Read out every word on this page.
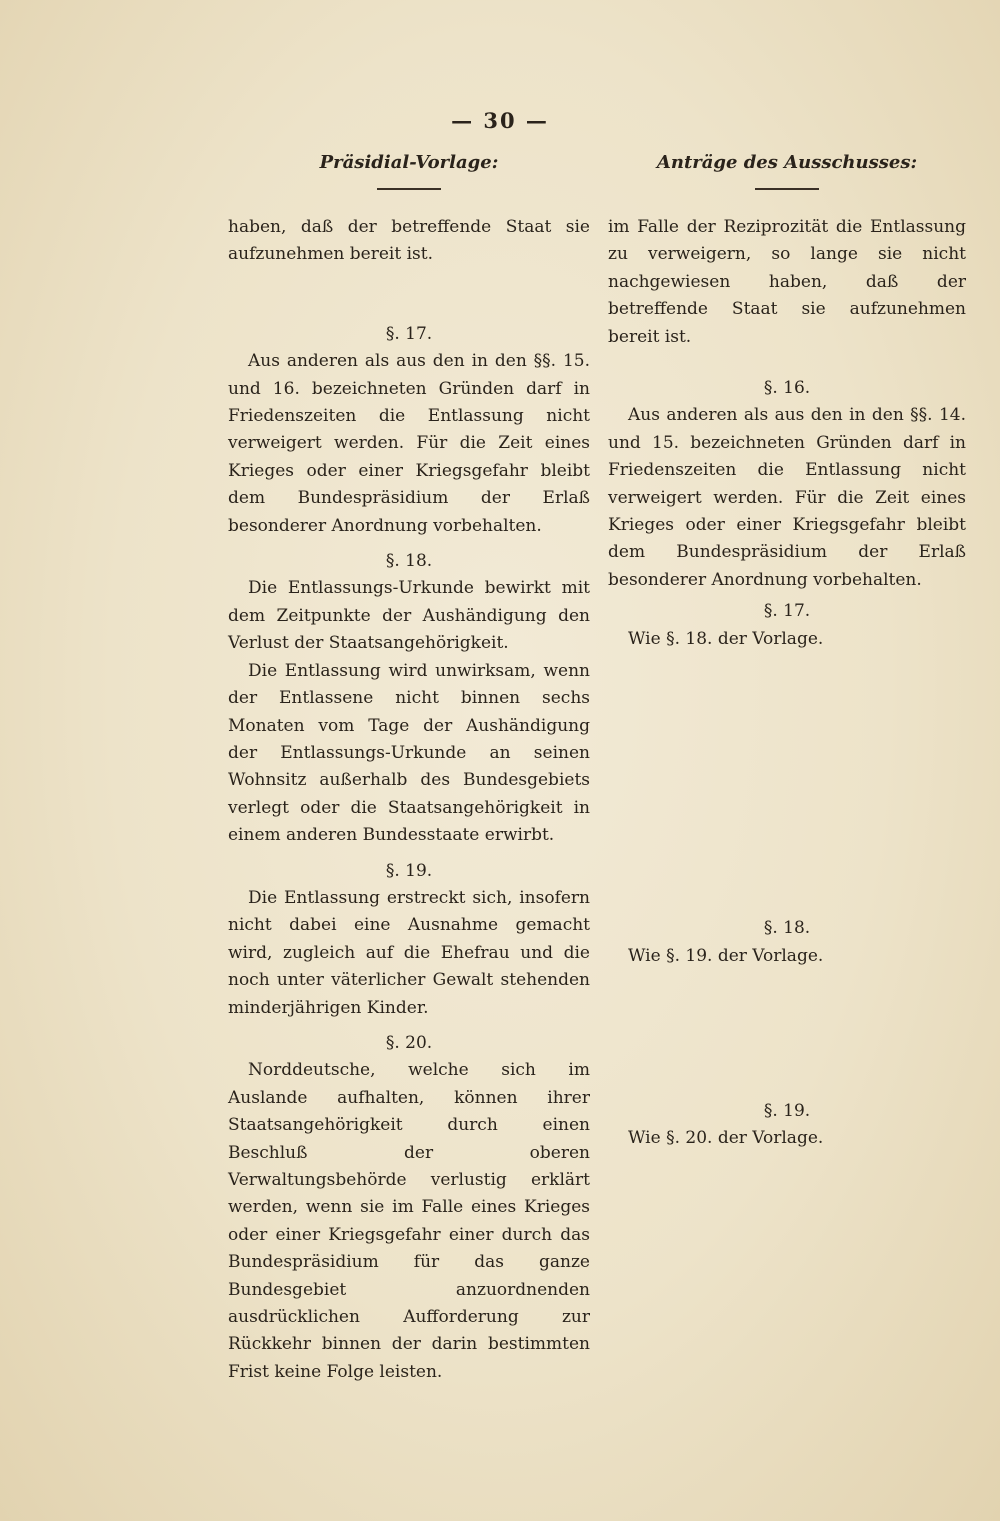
— 30 —
Präsidial-Vorlage:

haben, daß der betreffende Staat sie aufzunehmen bereit ist.

§. 17.

Aus anderen als aus den in den §§. 15. und 16. bezeichneten Gründen darf in Friedenszeiten die Entlassung nicht verweigert werden. Für die Zeit eines Krieges oder einer Kriegsgefahr bleibt dem Bundespräsidium der Erlaß besonderer Anordnung vorbehalten.

§. 18.

Die Entlassungs-Urkunde bewirkt mit dem Zeitpunkte der Aushändigung den Verlust der Staatsangehörigkeit.

Die Entlassung wird unwirksam, wenn der Entlassene nicht binnen sechs Monaten vom Tage der Aushändigung der Entlassungs-Urkunde an seinen Wohnsitz außerhalb des Bundesgebiets verlegt oder die Staatsangehörigkeit in einem anderen Bundesstaate erwirbt.

§. 19.

Die Entlassung erstreckt sich, insofern nicht dabei eine Ausnahme gemacht wird, zugleich auf die Ehefrau und die noch unter väterlicher Gewalt stehenden minderjährigen Kinder.

§. 20.

Norddeutsche, welche sich im Auslande aufhalten, können ihrer Staatsangehörigkeit durch einen Beschluß der oberen Verwaltungsbehörde verlustig erklärt werden, wenn sie im Falle eines Krieges oder einer Kriegsgefahr einer durch das Bundespräsidium für das ganze Bundesgebiet anzuordnenden ausdrücklichen Aufforderung zur Rückkehr binnen der darin bestimmten Frist keine Folge leisten.

Anträge des Ausschusses:

im Falle der Reziprozität die Entlassung zu verweigern, so lange sie nicht nachgewiesen haben, daß der betreffende Staat sie aufzunehmen bereit ist.

§. 16.

Aus anderen als aus den in den §§. 14. und 15. bezeichneten Gründen darf in Friedenszeiten die Entlassung nicht verweigert werden. Für die Zeit eines Krieges oder einer Kriegsgefahr bleibt dem Bundespräsidium der Erlaß besonderer Anordnung vorbehalten.

§. 17.

Wie §. 18. der Vorlage.

§. 18.

Wie §. 19. der Vorlage.

§. 19.

Wie §. 20. der Vorlage.
